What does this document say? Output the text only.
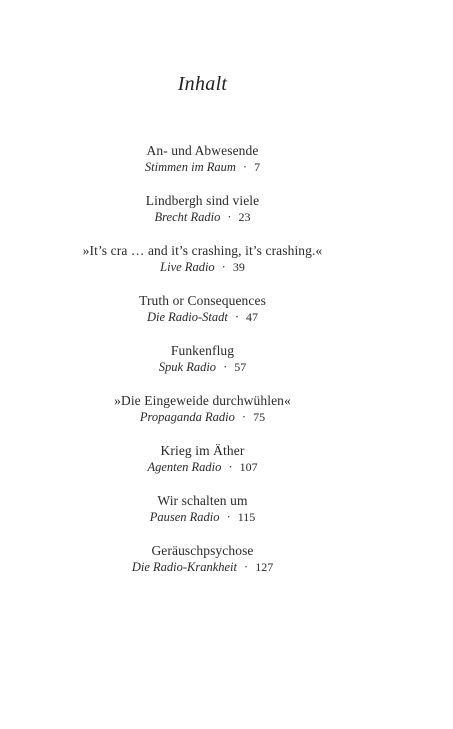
Inhalt
An- und Abwesende
Stimmen im Raum · 7
Lindbergh sind viele
Brecht Radio · 23
»It’s cra … and it’s crashing, it’s crashing.«
Live Radio · 39
Truth or Consequences
Die Radio-Stadt · 47
Funkenflug
Spuk Radio · 57
»Die Eingeweide durchwühlen«
Propaganda Radio · 75
Krieg im Äther
Agenten Radio · 107
Wir schalten um
Pausen Radio · 115
Geräuschpsychose
Die Radio-Krankheit · 127
